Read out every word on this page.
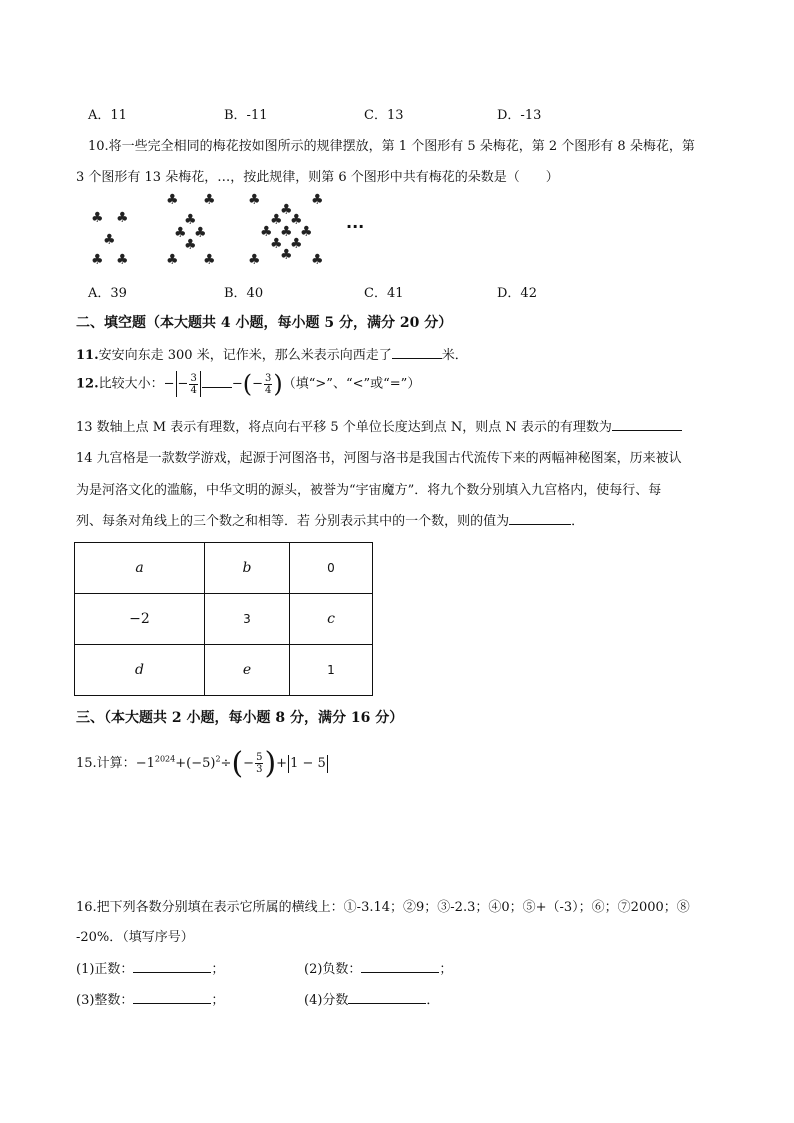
A．11	B．-11	C．13	D．-13
10.将一些完全相同的梅花按如图所示的规律摆放，第 1 个图形有 5 朵梅花，第 2 个图形有 8 朵梅花，第
3 个图形有 13 朵梅花，…，按此规律，则第 6 个图形中共有梅花的朵数是（　　）
♣ ♣
♣
♣ ♣
♣ ♣
♣
♣ ♣
♣
♣ ♣
♣	♣
♣
♣ ♣
♣ ♣ ♣
♣ ♣
♣
♣	♣
···
A．39	B．40	C．41	D．42
二、填空题（本大题共 4 小题，每小题 5 分，满分 20 分）
11.安安向东走 300 米，记作米，那么米表示向西走了	米．
12.比较大小：− − $\frac{3}{4}$	−(− $\frac{3}{4}$ )（填“>”、“<”或“=”）
13 数轴上点 M 表示有理数，将点向右平移 5 个单位长度达到点 N，则点 N 表示的有理数为
14 九宫格是一款数学游戏，起源于河图洛书，河图与洛书是我国古代流传下来的两幅神秘图案，历来被认
为是河洛文化的滥觞，中华文明的源头，被誉为“宇宙魔方”．将九个数分别填入九宫格内，使每行、每
列、每条对角线上的三个数之和相等．若 分别表示其中的一个数，则的值为	．
a	b	0
−2	3	c
d	e	1
三、（本大题共 2 小题，每小题 8 分，满分 16 分）
15.计算：$-1^{2024}+(-5)^2\div(- \frac{5}{3}$ )+ 1 − 5
16.把下列各数分别填在表示它所属的横线上：①-3.14；②9；③-2.3；④0；⑤+（-3）；⑥；⑦2000；⑧
-20%．（填写序号）
(1)正数：	；	(2)负数：	；
(3)整数：	；	(4)分数	．
